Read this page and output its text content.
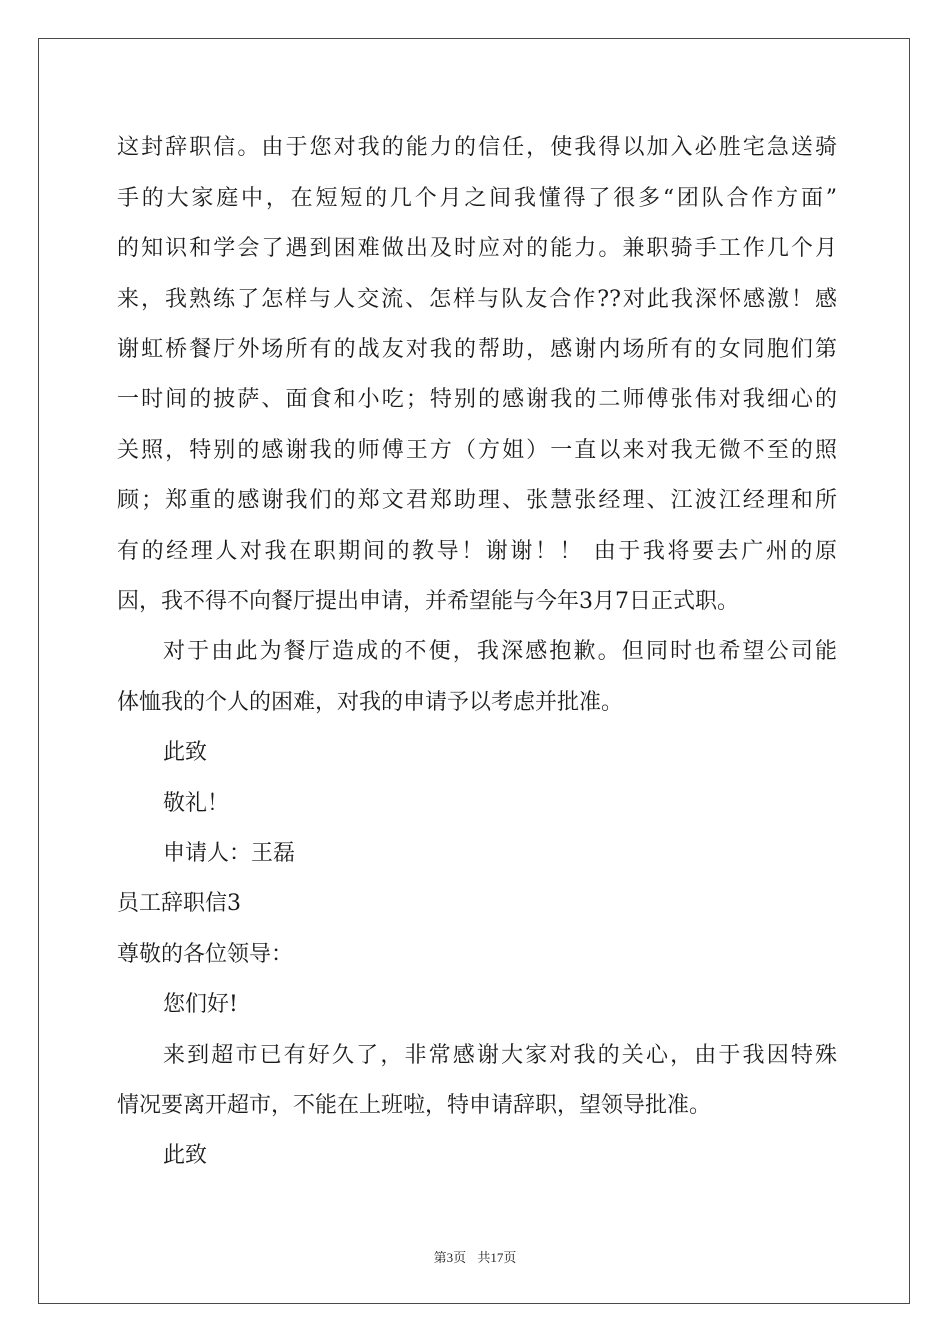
这封辞职信。由于您对我的能力的信任，使我得以加入必胜宅急送骑
手的大家庭中，在短短的几个月之间我懂得了很多“团队合作方面”
的知识和学会了遇到困难做出及时应对的能力。兼职骑手工作几个月
来，我熟练了怎样与人交流、怎样与队友合作??对此我深怀感激！感
谢虹桥餐厅外场所有的战友对我的帮助，感谢内场所有的女同胞们第
一时间的披萨、面食和小吃；特别的感谢我的二师傅张伟对我细心的
关照，特别的感谢我的师傅王方（方姐）一直以来对我无微不至的照
顾；郑重的感谢我们的郑文君郑助理、张慧张经理、江波江经理和所
有的经理人对我在职期间的教导！谢谢！！ 由于我将要去广州的原
因，我不得不向餐厅提出申请，并希望能与今年3月7日正式职。
对于由此为餐厅造成的不便，我深感抱歉。但同时也希望公司能
体恤我的个人的困难，对我的申请予以考虑并批准。
此致
敬礼！
申请人：王磊
员工辞职信3
尊敬的各位领导：
您们好!
来到超市已有好久了，非常感谢大家对我的关心，由于我因特殊
情况要离开超市，不能在上班啦，特申请辞职，望领导批准。
此致
第3页 共17页
